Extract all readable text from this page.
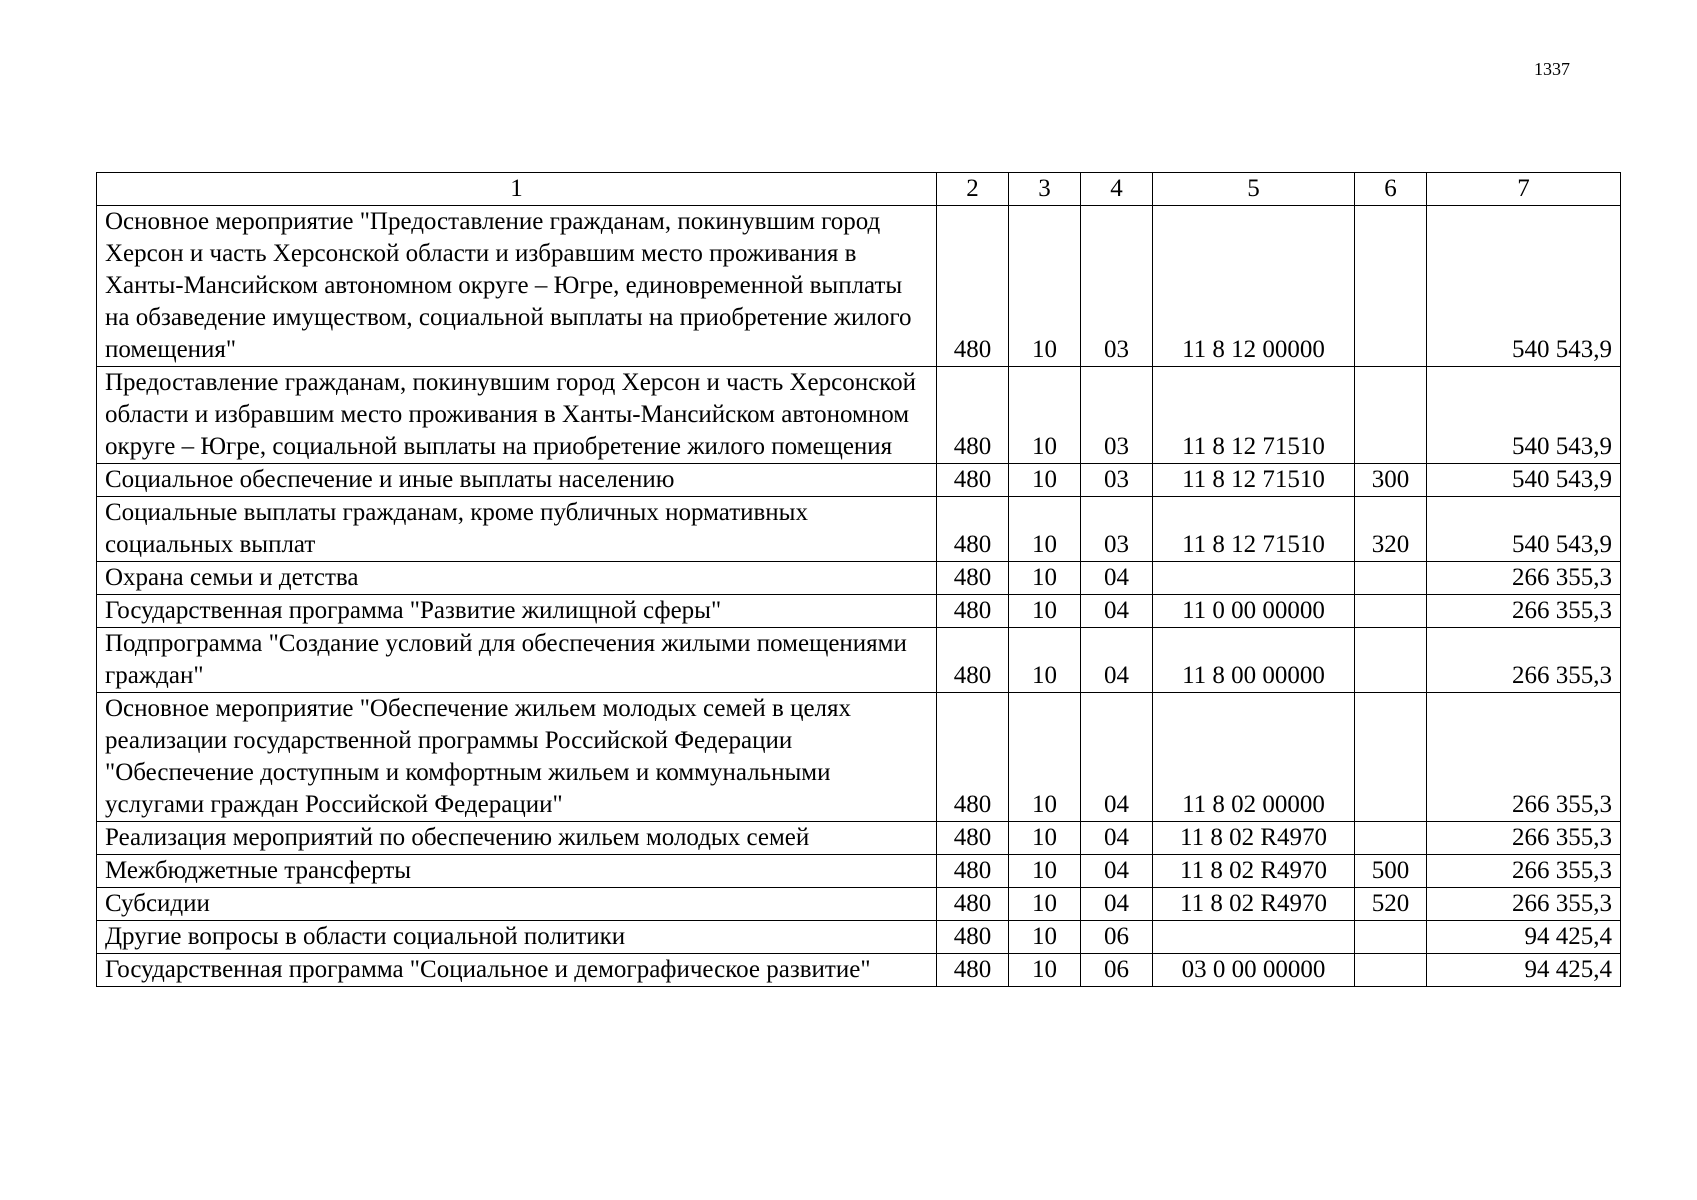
1337
1	2	3	4	5	6	7
Основное мероприятие "Предоставление гражданам, покинувшим город Херсон и часть Херсонской области и избравшим место проживания в Ханты-Мансийском автономном округе – Югре, единовременной выплаты на обзаведение имуществом, социальной выплаты на приобретение жилого помещения"	480	10	03	11 8 12 00000		540 543,9
Предоставление гражданам, покинувшим город Херсон и часть Херсонской области и избравшим место проживания в Ханты-Мансийском автономном округе – Югре, социальной выплаты на приобретение жилого помещения	480	10	03	11 8 12 71510		540 543,9
Социальное обеспечение и иные выплаты населению	480	10	03	11 8 12 71510	300	540 543,9
Социальные выплаты гражданам, кроме публичных нормативных социальных выплат	480	10	03	11 8 12 71510	320	540 543,9
Охрана семьи и детства	480	10	04			266 355,3
Государственная программа "Развитие жилищной сферы"	480	10	04	11 0 00 00000		266 355,3
Подпрограмма "Создание условий для обеспечения жилыми помещениями граждан"	480	10	04	11 8 00 00000		266 355,3
Основное мероприятие "Обеспечение жильем молодых семей в целях реализации государственной программы Российской Федерации "Обеспечение доступным и комфортным жильем и коммунальными услугами граждан Российской Федерации"	480	10	04	11 8 02 00000		266 355,3
Реализация мероприятий по обеспечению жильем молодых семей	480	10	04	11 8 02 R4970		266 355,3
Межбюджетные трансферты	480	10	04	11 8 02 R4970	500	266 355,3
Субсидии	480	10	04	11 8 02 R4970	520	266 355,3
Другие вопросы в области социальной политики	480	10	06			94 425,4
Государственная программа "Социальное и демографическое развитие"	480	10	06	03 0 00 00000		94 425,4
